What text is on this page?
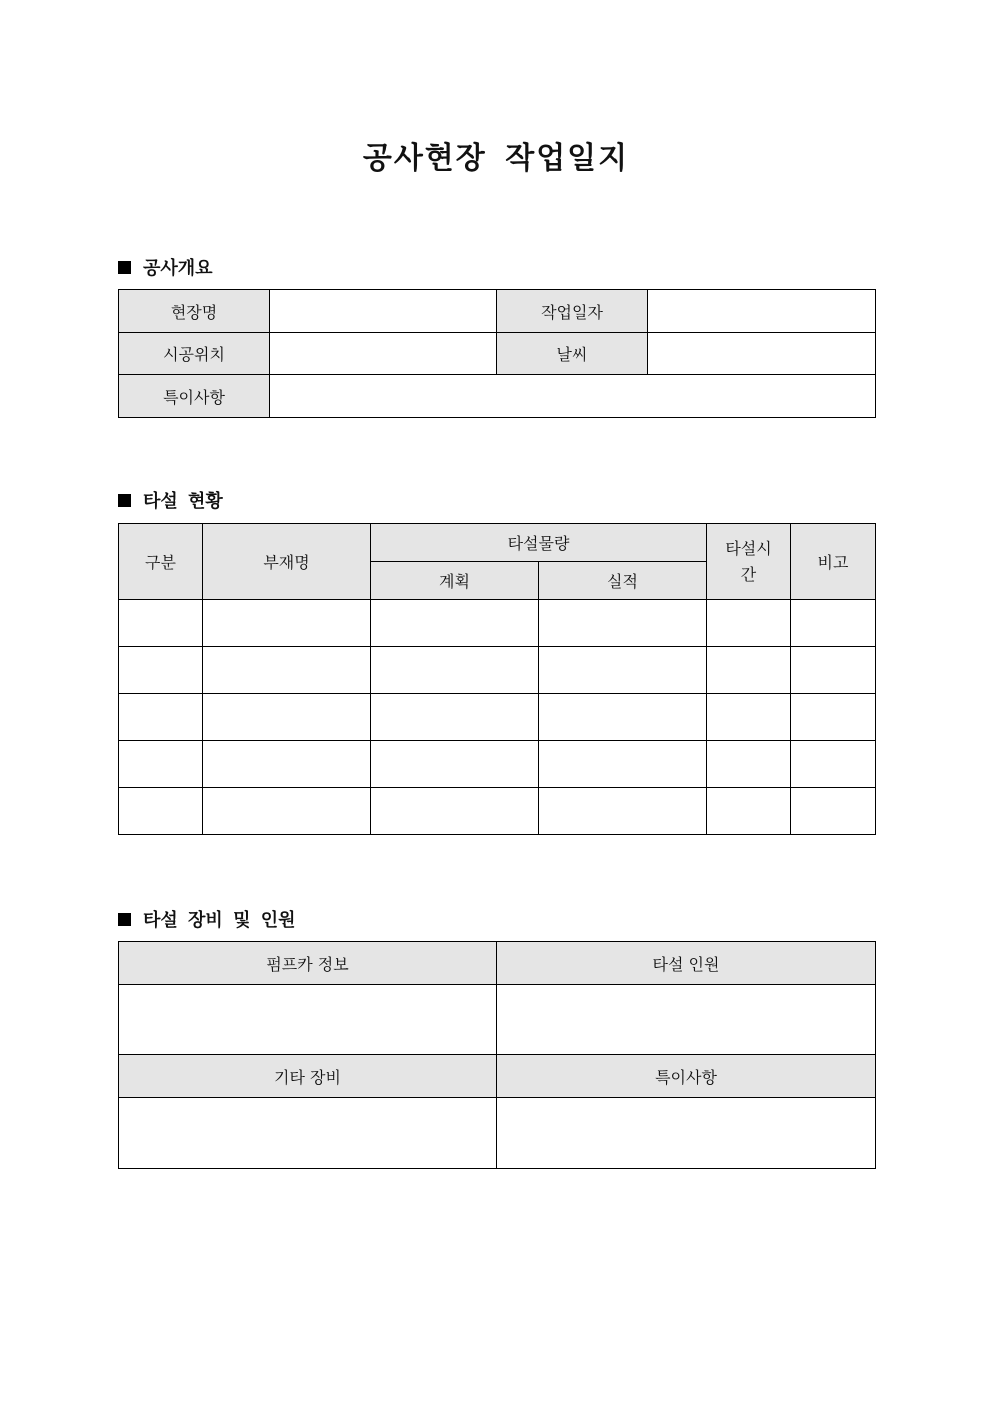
공사현장 작업일지
공사개요
현장명		작업일자	
시공위치		날씨	
특이사항			
타설 현황
구분	부재명	타설물량		타설시간	비고
		계획	실적		

타설 장비 및 인원
펌프카 정보	타설 인원

기타 장비	특이사항
